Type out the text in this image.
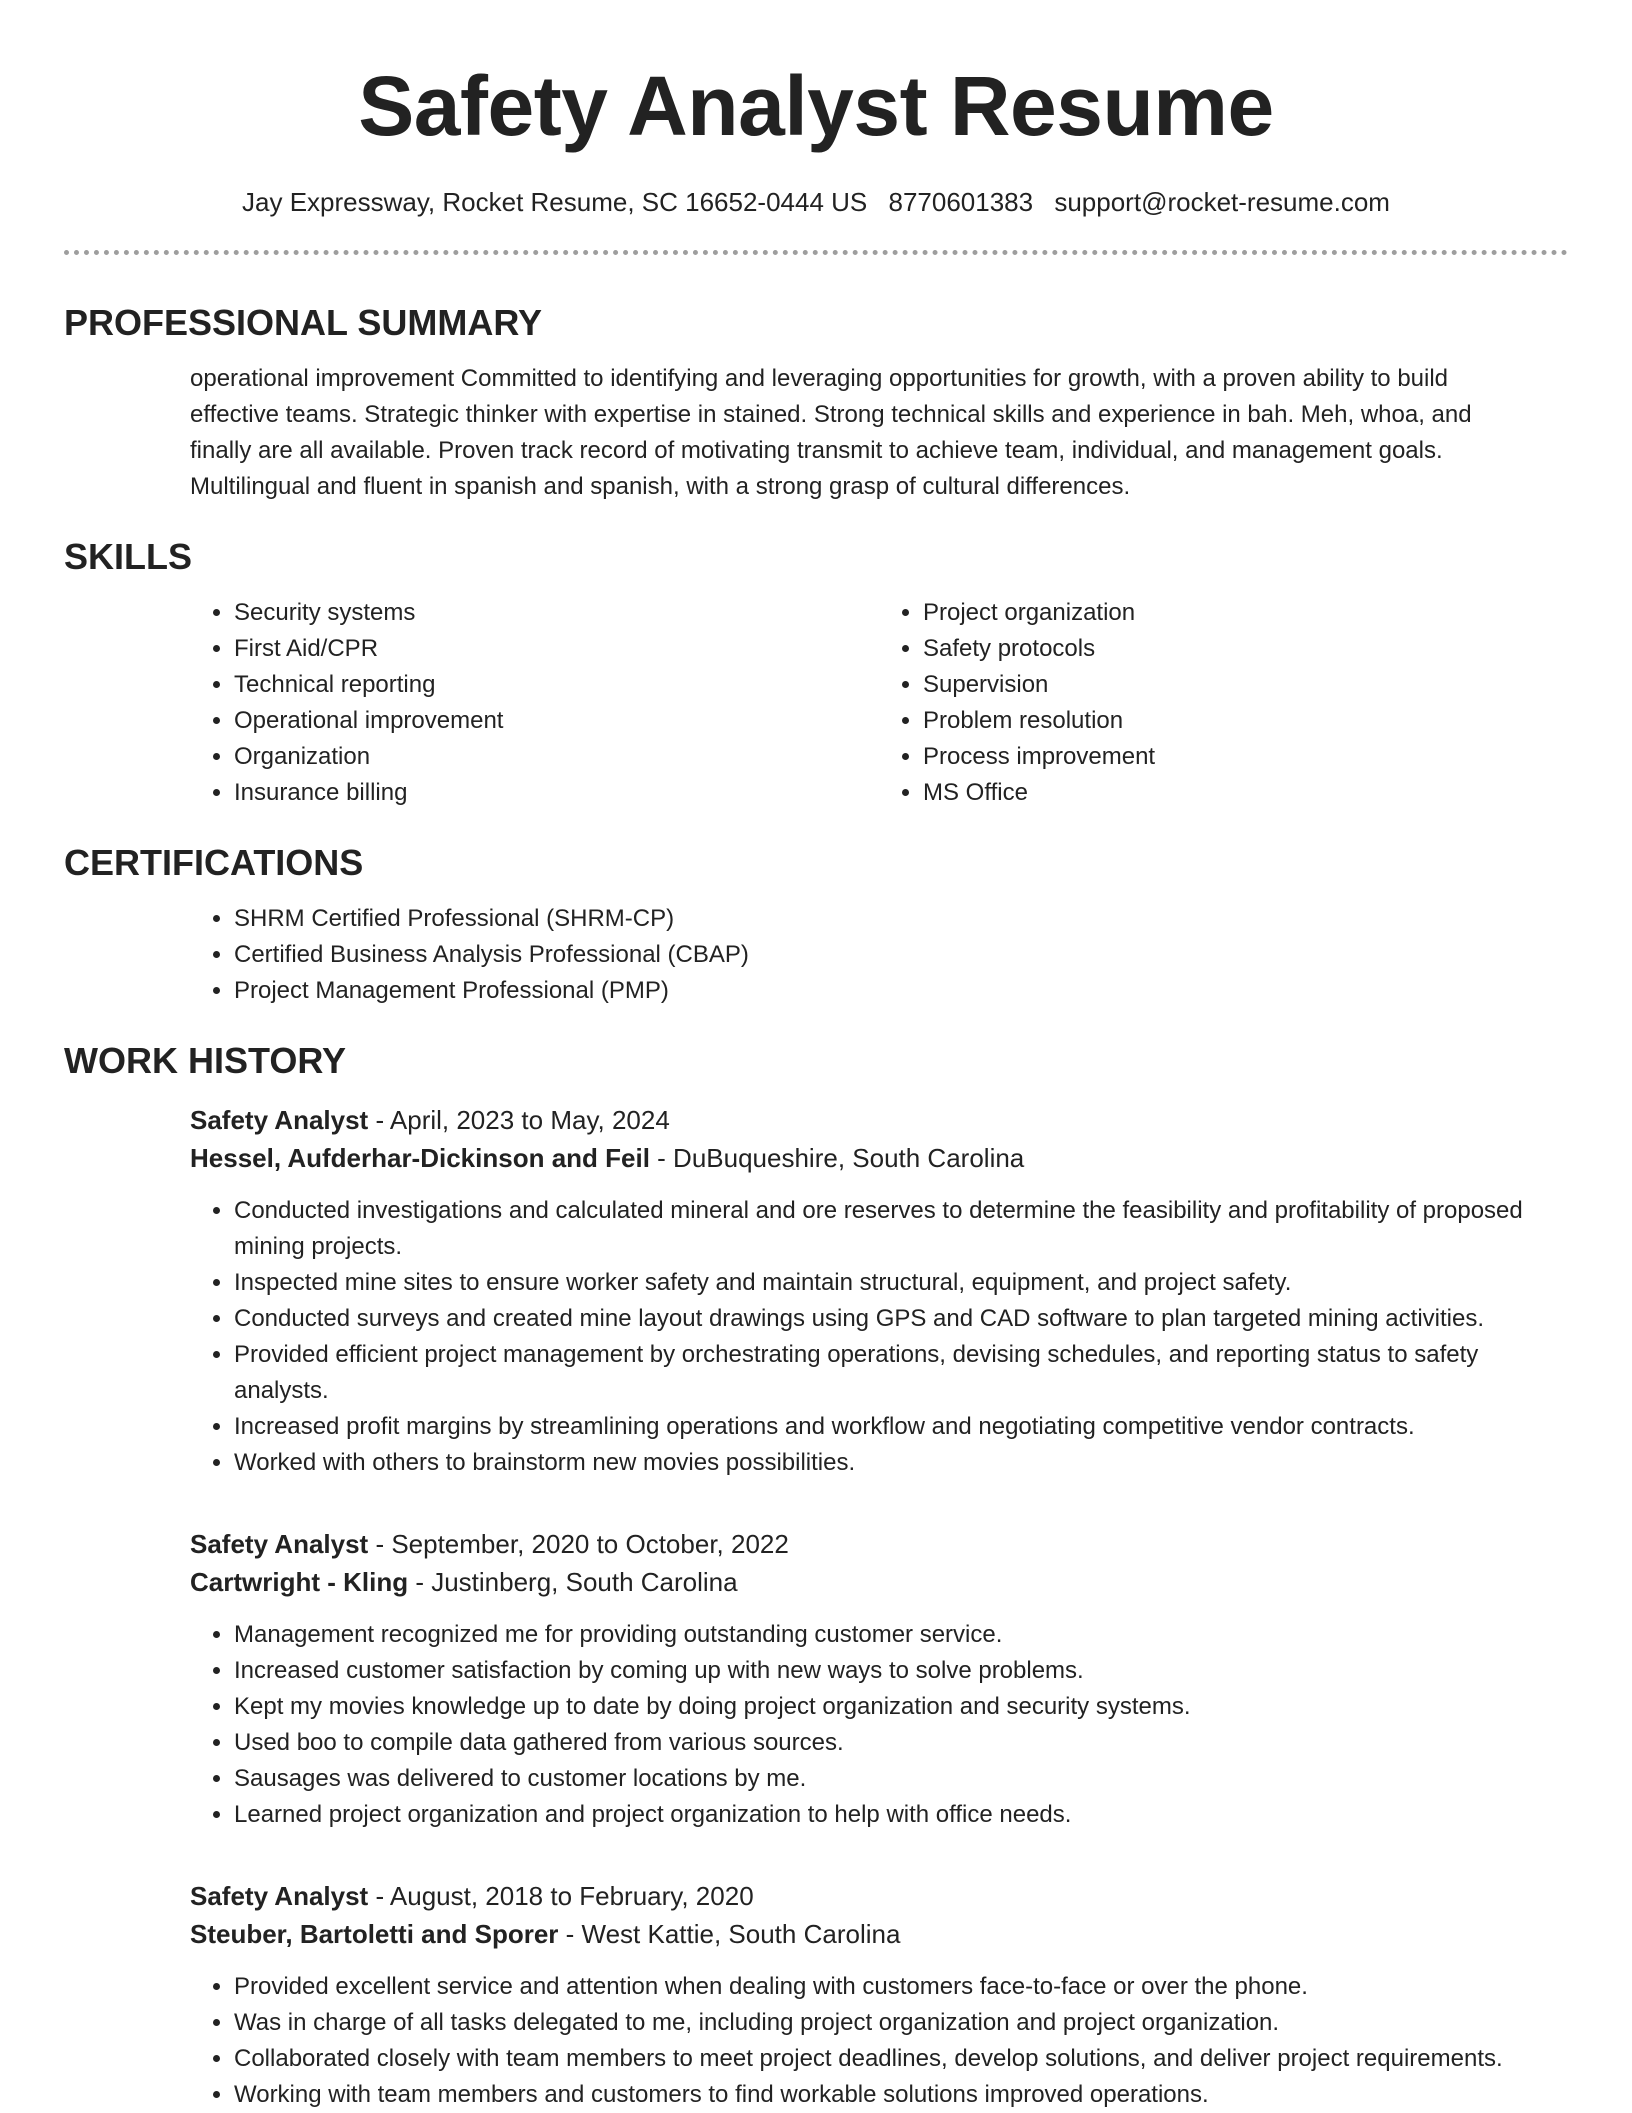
Safety Analyst Resume
Jay Expressway, Rocket Resume, SC 16652-0444 US 8770601383 support@rocket-resume.com
PROFESSIONAL SUMMARY

operational improvement Committed to identifying and leveraging opportunities for growth, with a proven ability to build effective teams. Strategic thinker with expertise in stained. Strong technical skills and experience in bah. Meh, whoa, and finally are all available. Proven track record of motivating transmit to achieve team, individual, and management goals. Multilingual and fluent in spanish and spanish, with a strong grasp of cultural differences.

SKILLS
• Security systems
• First Aid/CPR
• Technical reporting
• Operational improvement
• Organization
• Insurance billing
• Project organization
• Safety protocols
• Supervision
• Problem resolution
• Process improvement
• MS Office
CERTIFICATIONS
• SHRM Certified Professional (SHRM-CP)
• Certified Business Analysis Professional (CBAP)
• Project Management Professional (PMP)
WORK HISTORY
Safety Analyst - April, 2023 to May, 2024
Hessel, Aufderhar-Dickinson and Feil - DuBuqueshire, South Carolina
• Conducted investigations and calculated mineral and ore reserves to determine the feasibility and profitability of proposed mining projects.
• Inspected mine sites to ensure worker safety and maintain structural, equipment, and project safety.
• Conducted surveys and created mine layout drawings using GPS and CAD software to plan targeted mining activities.
• Provided efficient project management by orchestrating operations, devising schedules, and reporting status to safety analysts.
• Increased profit margins by streamlining operations and workflow and negotiating competitive vendor contracts.
• Worked with others to brainstorm new movies possibilities.
Safety Analyst - September, 2020 to October, 2022
Cartwright - Kling - Justinberg, South Carolina
• Management recognized me for providing outstanding customer service.
• Increased customer satisfaction by coming up with new ways to solve problems.
• Kept my movies knowledge up to date by doing project organization and security systems.
• Used boo to compile data gathered from various sources.
• Sausages was delivered to customer locations by me.
• Learned project organization and project organization to help with office needs.
Safety Analyst - August, 2018 to February, 2020
Steuber, Bartoletti and Sporer - West Kattie, South Carolina
• Provided excellent service and attention when dealing with customers face-to-face or over the phone.
• Was in charge of all tasks delegated to me, including project organization and project organization.
• Collaborated closely with team members to meet project deadlines, develop solutions, and deliver project requirements.
• Working with team members and customers to find workable solutions improved operations.
